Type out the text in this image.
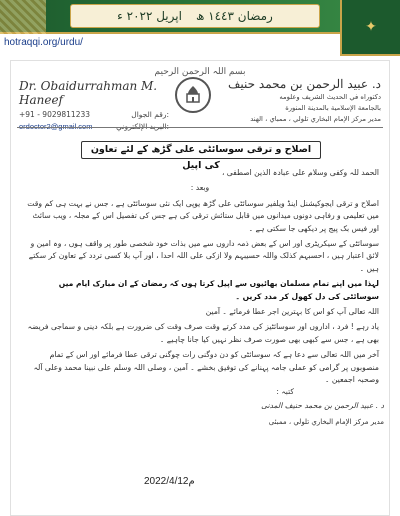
رمضان ١٤٤٣ ھ
اپریل ٢٠٢٢ ء
✦
hotraqqi.org/urdu/
بسم اللہ الرحمن الرحیم
Dr. Obaidurrahman M. Haneef
+91 - 9029811233	رقم الجوال:
د. عبید الرحمن بن محمد حنیف
دكتوراه في الحديث الشريف وعلومه
بالجامعة الإسلامية بالمدينة المنورة
مدير مركز الإمام البخاري تلولي ، ممباي ، الهند
اصلاح و ترقی سوسائٹی علی گڑھ کے لئے تعاون کی اپیل

الحمد للہ وکفی وسلام علی عبادہ الذین اصطفی ،

وبعد :

اصلاح و ترقی ایجوکیشنل اینڈ ویلفیر سوسائٹی علی گڑھ یوپی ایک نئی سوسائٹی ہے ، جس نے بہت ہی کم وقت میں تعلیمی و رفاہی دونوں میدانوں میں قابل ستائش ترقی کی ہے جس کی تفصیل اس کے مجلہ ، ویب سائٹ اور فیس بک پیج پر دیکھی جا سکتی ہے ۔

سوسائٹی کے سیکریٹری اور اس کے بعض ذمہ داروں سے میں بذات خود شخصی طور پر واقف ہوں ، وہ امین و لائق اعتبار ہیں ، احسبہم کذلک واللہ حسیبہم ولا ازکی علی اللہ احدا ، اور آپ بلا کسی تردد کے تعاون کر سکتے ہیں ۔

لہذا میں اپنے تمام مسلمان بھائیوں سے اپیل کرتا ہوں کہ رمضان کے ان مبارک ایام میں سوسائٹی کی دل کھول کر مدد کریں ۔

اللہ تعالی آپ کو اس کا بہترین اجر عطا فرمائے ۔ آمین

یاد رہے ! فرد ، اداروں اور سوسائٹیز کی مدد کرتے وقت صرف وقت کی ضرورت ہے بلکہ دینی و سماجی فریضہ بھی ہے ، جس سے کبھی بھی صورت صرف نظر نہیں کیا جانا چاہیے ۔

آخر میں اللہ تعالی سے دعا ہے کہ سوسائٹی کو دن دوگنی رات چوگنی ترقی عطا فرمائے اور اس کے تمام منصوبوں پر گرامی کو عملی جامہ پہنانے کی توفیق بخشے ۔ آمین ، وصلی اللہ وسلم علی نبینا محمد وعلی آلہ وصحبہ اجمعین ۔

کتبہ :
د . عبید الرحمن بن محمد حنیف المدنی
مدیر مرکز الإمام البخاري تلولي ، ممبئی
2022/4/12م
